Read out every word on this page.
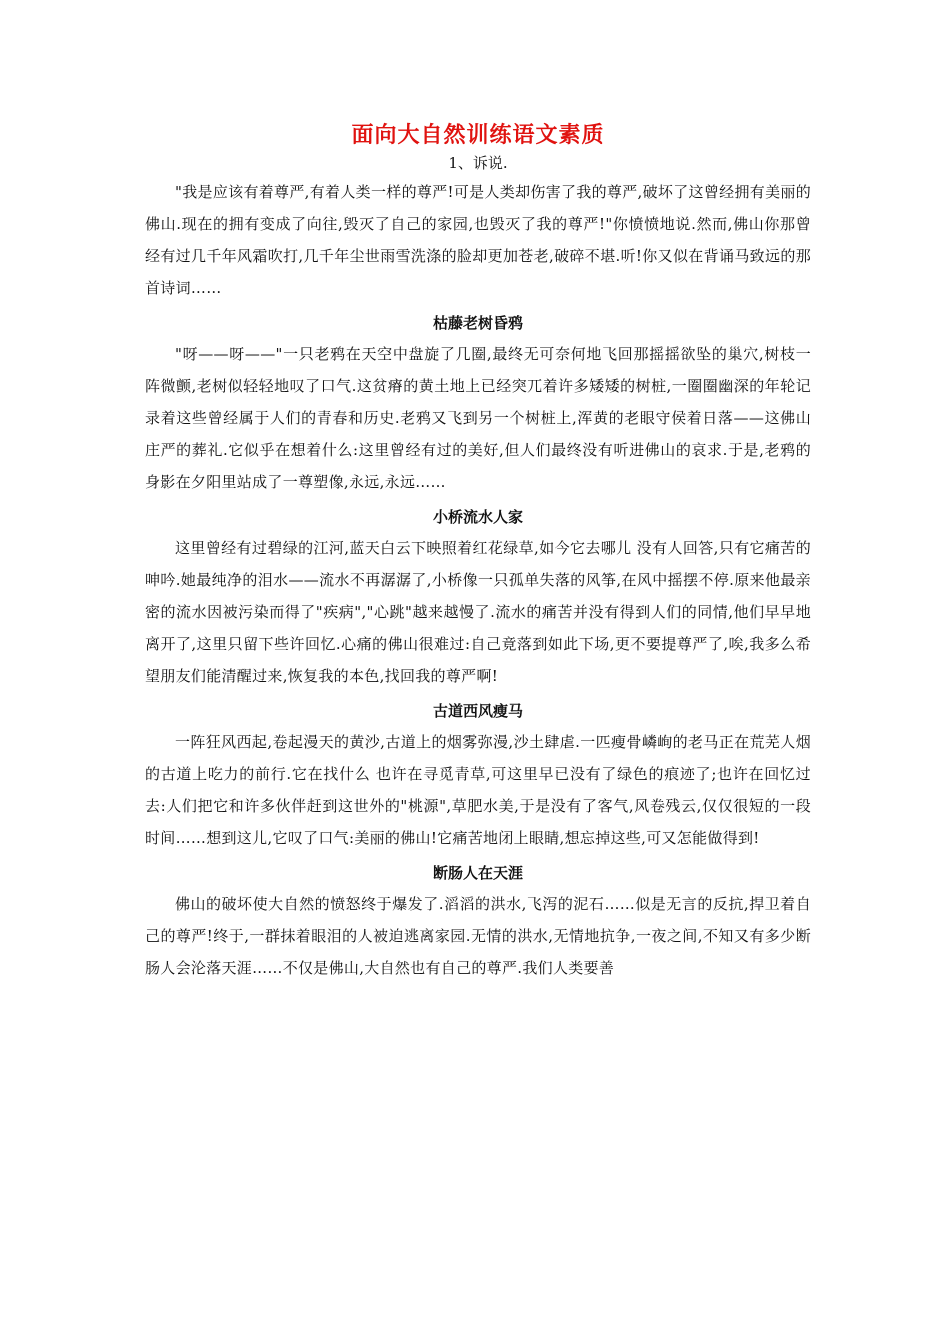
面向大自然训练语文素质

1、诉说.

"我是应该有着尊严,有着人类一样的尊严!可是人类却伤害了我的尊严,破坏了这曾经拥有美丽的佛山.现在的拥有变成了向往,毁灭了自己的家园,也毁灭了我的尊严!"你愤愤地说.然而,佛山你那曾经有过几千年风霜吹打,几千年尘世雨雪洗涤的脸却更加苍老,破碎不堪.听!你又似在背诵马致远的那首诗词……

枯藤老树昏鸦

"呀——呀——"一只老鸦在天空中盘旋了几圈,最终无可奈何地飞回那摇摇欲坠的巢穴,树枝一阵微颤,老树似轻轻地叹了口气.这贫瘠的黄土地上已经突兀着许多矮矮的树桩,一圈圈幽深的年轮记录着这些曾经属于人们的青春和历史.老鸦又飞到另一个树桩上,浑黄的老眼守侯着日落——这佛山庄严的葬礼.它似乎在想着什么:这里曾经有过的美好,但人们最终没有听进佛山的哀求.于是,老鸦的身影在夕阳里站成了一尊塑像,永远,永远……

小桥流水人家

这里曾经有过碧绿的江河,蓝天白云下映照着红花绿草,如今它去哪儿 没有人回答,只有它痛苦的呻吟.她最纯净的泪水——流水不再潺潺了,小桥像一只孤单失落的风筝,在风中摇摆不停.原来他最亲密的流水因被污染而得了"疾病","心跳"越来越慢了.流水的痛苦并没有得到人们的同情,他们早早地离开了,这里只留下些许回忆.心痛的佛山很难过:自己竟落到如此下场,更不要提尊严了,唉,我多么希望朋友们能清醒过来,恢复我的本色,找回我的尊严啊!

古道西风瘦马

一阵狂风西起,卷起漫天的黄沙,古道上的烟雾弥漫,沙土肆虐.一匹瘦骨嶙峋的老马正在荒芜人烟的古道上吃力的前行.它在找什么 也许在寻觅青草,可这里早已没有了绿色的痕迹了;也许在回忆过去:人们把它和许多伙伴赶到这世外的"桃源",草肥水美,于是没有了客气,风卷残云,仅仅很短的一段时间……想到这儿,它叹了口气:美丽的佛山!它痛苦地闭上眼睛,想忘掉这些,可又怎能做得到!

断肠人在天涯

佛山的破坏使大自然的愤怒终于爆发了.滔滔的洪水,飞泻的泥石……似是无言的反抗,捍卫着自己的尊严!终于,一群抹着眼泪的人被迫逃离家园.无情的洪水,无情地抗争,一夜之间,不知又有多少断肠人会沦落天涯……不仅是佛山,大自然也有自己的尊严.我们人类要善
